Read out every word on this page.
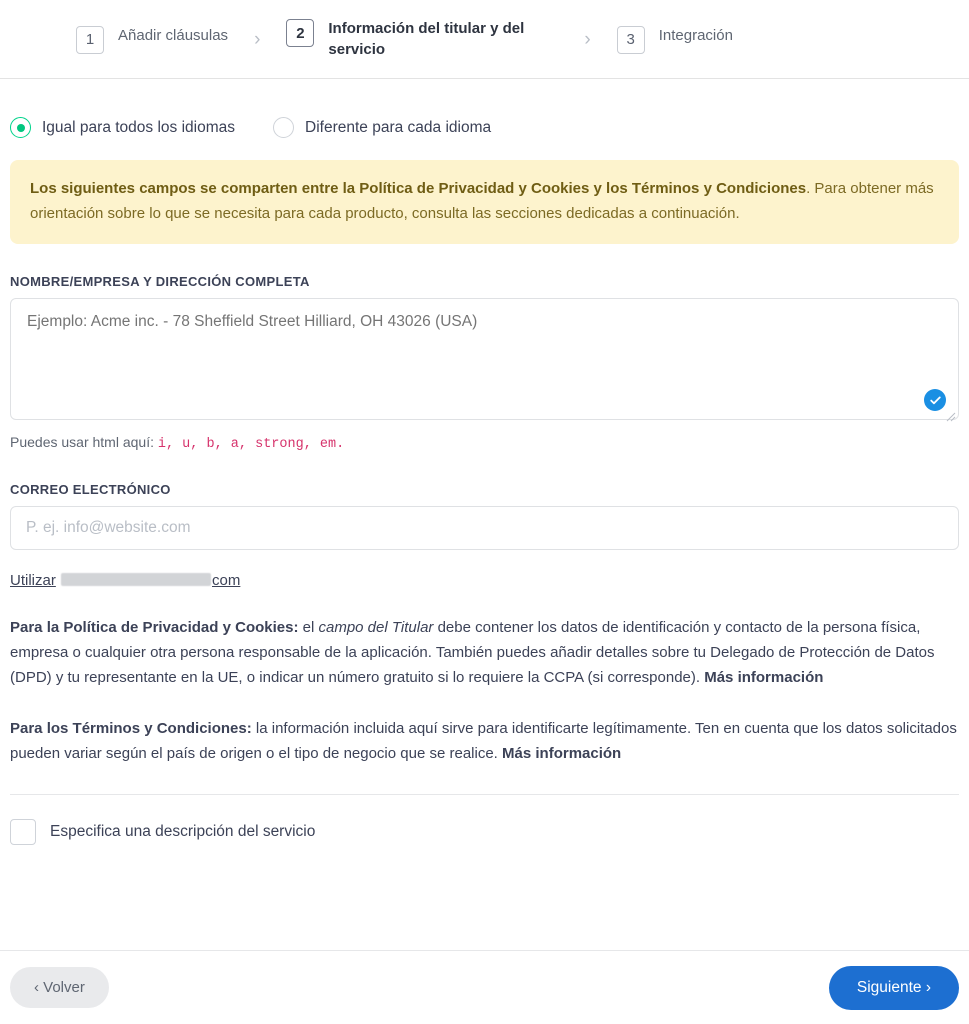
1	Añadir cláusulas ›	2	Información del titular y del servicio	›	3	Integración
Igual para todos los idiomas	Diferente para cada idioma
Los siguientes campos se comparten entre la Política de Privacidad y Cookies y los Términos y Condiciones. Para obtener más orientación sobre lo que se necesita para cada producto, consulta las secciones dedicadas a continuación.
NOMBRE/EMPRESA Y DIRECCIÓN COMPLETA
Ejemplo: Acme inc. - 78 Sheffield Street Hilliard, OH 43026 (USA)
Puedes usar html aquí: i, u, b, a, strong, em.
CORREO ELECTRÓNICO
P. ej. info@website.com
Utilizar	com
Para la Política de Privacidad y Cookies: el campo del Titular debe contener los datos de identificación y contacto de la persona física, empresa o cualquier otra persona responsable de la aplicación. También puedes añadir detalles sobre tu Delegado de Protección de Datos (DPD) y tu representante en la UE, o indicar un número gratuito si lo requiere la CCPA (si corresponde). Más información
Para los Términos y Condiciones: la información incluida aquí sirve para identificarte legítimamente. Ten en cuenta que los datos solicitados pueden variar según el país de origen o el tipo de negocio que se realice. Más información
Especifica una descripción del servicio
‹ Volver	Siguiente ›
